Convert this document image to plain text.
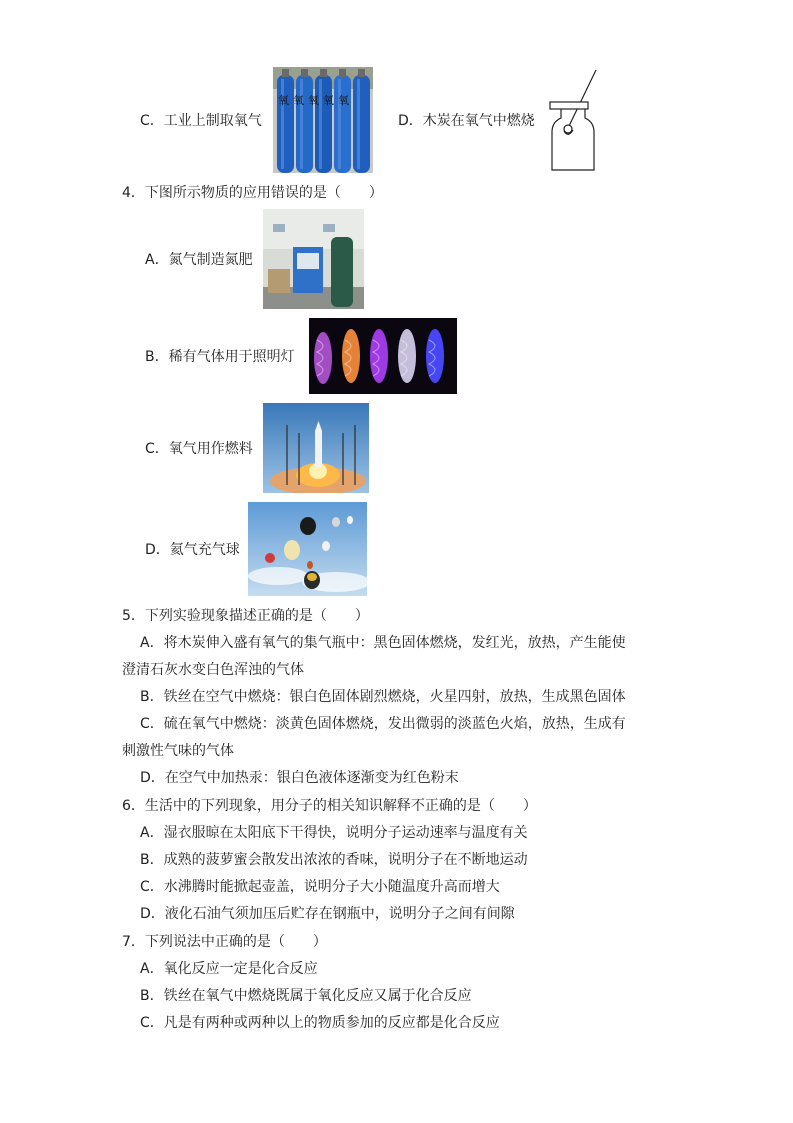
C．工业上制取氧气
氧氧氧氧氧
D．木炭在氧气中燃烧
4．下图所示物质的应用错误的是（　　）
A．氮气制造氮肥
B．稀有气体用于照明灯
C．氧气用作燃料
D．氦气充气球
5．下列实验现象描述正确的是（　　）
A．将木炭伸入盛有氧气的集气瓶中：黑色固体燃烧，发红光，放热，产生能使
澄清石灰水变白色浑浊的气体
B．铁丝在空气中燃烧：银白色固体剧烈燃烧，火星四射，放热，生成黑色固体
C．硫在氧气中燃烧：淡黄色固体燃烧，发出微弱的淡蓝色火焰，放热，生成有
刺激性气味的气体
D．在空气中加热汞：银白色液体逐渐变为红色粉末
6．生活中的下列现象，用分子的相关知识解释不正确的是（　　）
A．湿衣服晾在太阳底下干得快，说明分子运动速率与温度有关
B．成熟的菠萝蜜会散发出浓浓的香味，说明分子在不断地运动
C．水沸腾时能掀起壶盖，说明分子大小随温度升高而增大
D．液化石油气须加压后贮存在钢瓶中，说明分子之间有间隙
7．下列说法中正确的是（　　）
A．氧化反应一定是化合反应
B．铁丝在氧气中燃烧既属于氧化反应又属于化合反应
C．凡是有两种或两种以上的物质参加的反应都是化合反应
